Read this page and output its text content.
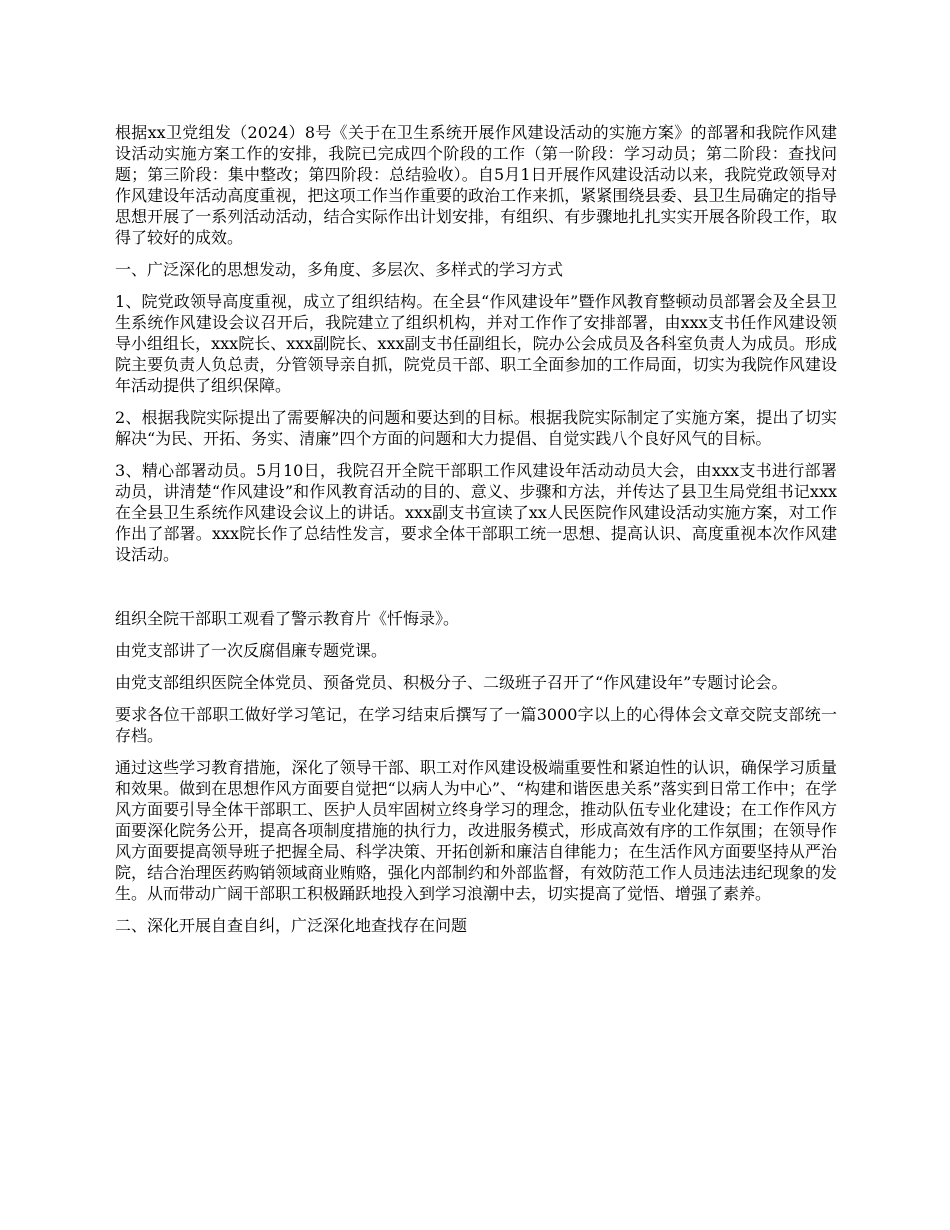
根据xx卫党组发（2024）8号《关于在卫生系统开展作风建设活动的实施方案》的部署和我院作风建设活动实施方案工作的安排，我院已完成四个阶段的工作（第一阶段：学习动员；第二阶段：查找问题；第三阶段：集中整改；第四阶段：总结验收）。自5月1日开展作风建设活动以来，我院党政领导对作风建设年活动高度重视，把这项工作当作重要的政治工作来抓，紧紧围绕县委、县卫生局确定的指导思想开展了一系列活动活动，结合实际作出计划安排，有组织、有步骤地扎扎实实开展各阶段工作，取得了较好的成效。

一、广泛深化的思想发动，多角度、多层次、多样式的学习方式

1、院党政领导高度重视，成立了组织结构。在全县“作风建设年”暨作风教育整顿动员部署会及全县卫生系统作风建设会议召开后，我院建立了组织机构，并对工作作了安排部署，由xxx支书任作风建设领导小组组长，xxx院长、xxx副院长、xxx副支书任副组长，院办公会成员及各科室负责人为成员。形成院主要负责人负总责，分管领导亲自抓，院党员干部、职工全面参加的工作局面，切实为我院作风建设年活动提供了组织保障。

2、根据我院实际提出了需要解决的问题和要达到的目标。根据我院实际制定了实施方案，提出了切实解决“为民、开拓、务实、清廉”四个方面的问题和大力提倡、自觉实践八个良好风气的目标。

3、精心部署动员。5月10日，我院召开全院干部职工作风建设年活动动员大会，由xxx支书进行部署动员，讲清楚“作风建设”和作风教育活动的目的、意义、步骤和方法，并传达了县卫生局党组书记xxx在全县卫生系统作风建设会议上的讲话。xxx副支书宣读了xx人民医院作风建设活动实施方案，对工作作出了部署。xxx院长作了总结性发言，要求全体干部职工统一思想、提高认识、高度重视本次作风建设活动。

组织全院干部职工观看了警示教育片《忏悔录》。

由党支部讲了一次反腐倡廉专题党课。

由党支部组织医院全体党员、预备党员、积极分子、二级班子召开了“作风建设年”专题讨论会。

要求各位干部职工做好学习笔记，在学习结束后撰写了一篇3000字以上的心得体会文章交院支部统一存档。

通过这些学习教育措施，深化了领导干部、职工对作风建设极端重要性和紧迫性的认识，确保学习质量和效果。做到在思想作风方面要自觉把“以病人为中心”、“构建和谐医患关系”落实到日常工作中；在学风方面要引导全体干部职工、医护人员牢固树立终身学习的理念，推动队伍专业化建设；在工作作风方面要深化院务公开，提高各项制度措施的执行力，改进服务模式，形成高效有序的工作氛围；在领导作风方面要提高领导班子把握全局、科学决策、开拓创新和廉洁自律能力；在生活作风方面要坚持从严治院，结合治理医药购销领域商业贿赂，强化内部制约和外部监督，有效防范工作人员违法违纪现象的发生。从而带动广阔干部职工积极踊跃地投入到学习浪潮中去，切实提高了觉悟、增强了素养。

二、深化开展自查自纠，广泛深化地查找存在问题
